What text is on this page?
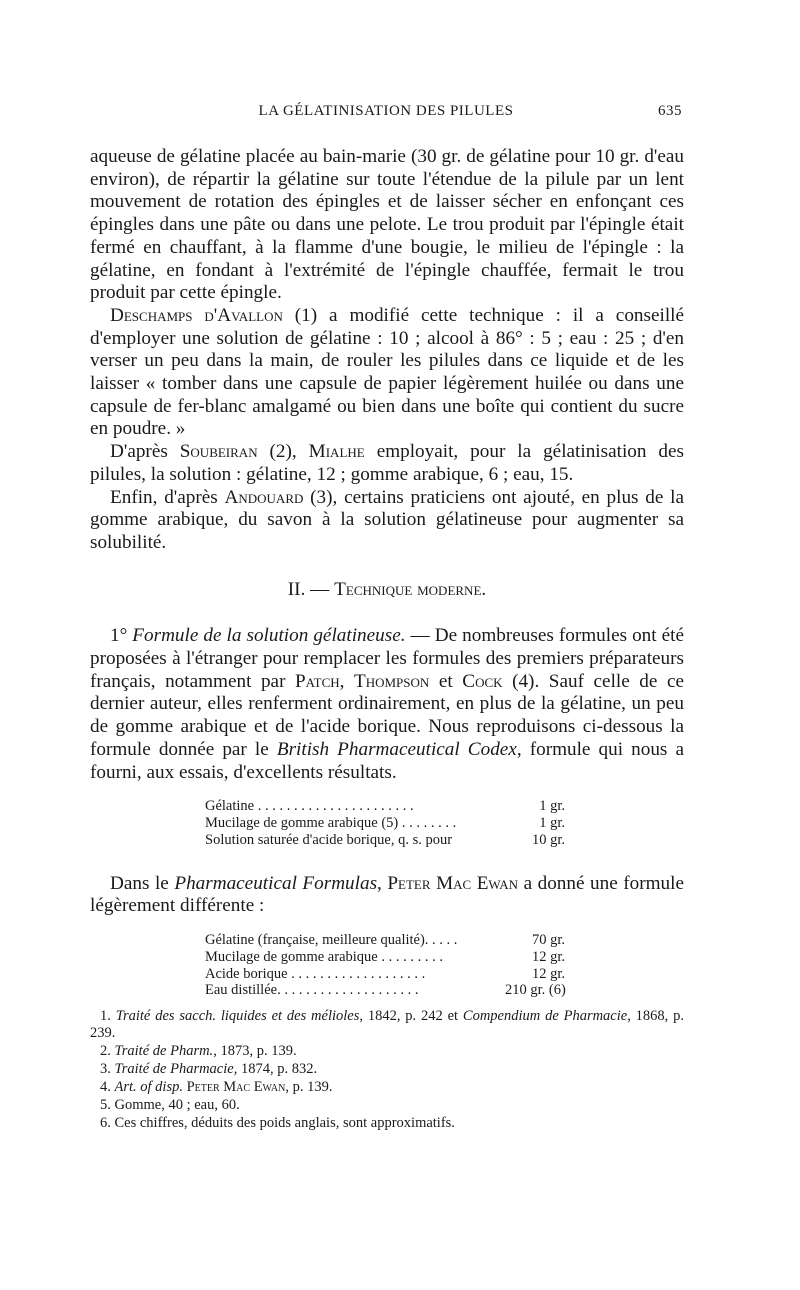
LA GÉLATINISATION DES PILULES	635

aqueuse de gélatine placée au bain-marie (30 gr. de gélatine pour 10 gr. d'eau environ), de répartir la gélatine sur toute l'étendue de la pilule par un lent mouvement de rotation des épingles et de laisser sécher en enfonçant ces épingles dans une pâte ou dans une pelote. Le trou produit par l'épingle était fermé en chauffant, à la flamme d'une bougie, le milieu de l'épingle : la gélatine, en fondant à l'extrémité de l'épingle chauffée, fermait le trou produit par cette épingle.

Deschamps d'Avallon (1) a modifié cette technique : il a conseillé d'employer une solution de gélatine : 10 ; alcool à 86° : 5 ; eau : 25 ; d'en verser un peu dans la main, de rouler les pilules dans ce liquide et de les laisser « tomber dans une capsule de papier légèrement huilée ou dans une capsule de fer-blanc amalgamé ou bien dans une boîte qui contient du sucre en poudre. »

D'après Soubeiran (2), Mialhe employait, pour la gélatinisation des pilules, la solution : gélatine, 12 ; gomme arabique, 6 ; eau, 15.

Enfin, d'après Andouard (3), certains praticiens ont ajouté, en plus de la gomme arabique, du savon à la solution gélatineuse pour augmenter sa solubilité.

II. — Technique moderne.

1° Formule de la solution gélatineuse. — De nombreuses formules ont été proposées à l'étranger pour remplacer les formules des premiers préparateurs français, notamment par Patch, Thompson et Cock (4). Sauf celle de ce dernier auteur, elles renferment ordinairement, en plus de la gélatine, un peu de gomme arabique et de l'acide borique. Nous reproduisons ci-dessous la formule donnée par le British Pharmaceutical Codex, formule qui nous a fourni, aux essais, d'excellents résultats.

Gélatine . . . . . . . . . . . . . . . . . . . . . .	1 gr.
Mucilage de gomme arabique (5) . . . . . . . .	1 gr.
Solution saturée d'acide borique, q. s. pour	10 gr.

Dans le Pharmaceutical Formulas, Peter Mac Ewan a donné une formule légèrement différente :

Gélatine (française, meilleure qualité). . . . .	70 gr.
Mucilage de gomme arabique . . . . . . . . .	12 gr.
Acide borique . . . . . . . . . . . . . . . . . . .	12 gr.
Eau distillée. . . . . . . . . . . . . . . . . . . .	210 gr. (6)

1. Traité des sacch. liquides et des mélioles, 1842, p. 242 et Compendium de Pharmacie, 1868, p. 239.

2. Traité de Pharm., 1873, p. 139.

3. Traité de Pharmacie, 1874, p. 832.

4. Art. of disp. Peter Mac Ewan, p. 139.

5. Gomme, 40 ; eau, 60.

6. Ces chiffres, déduits des poids anglais, sont approximatifs.
